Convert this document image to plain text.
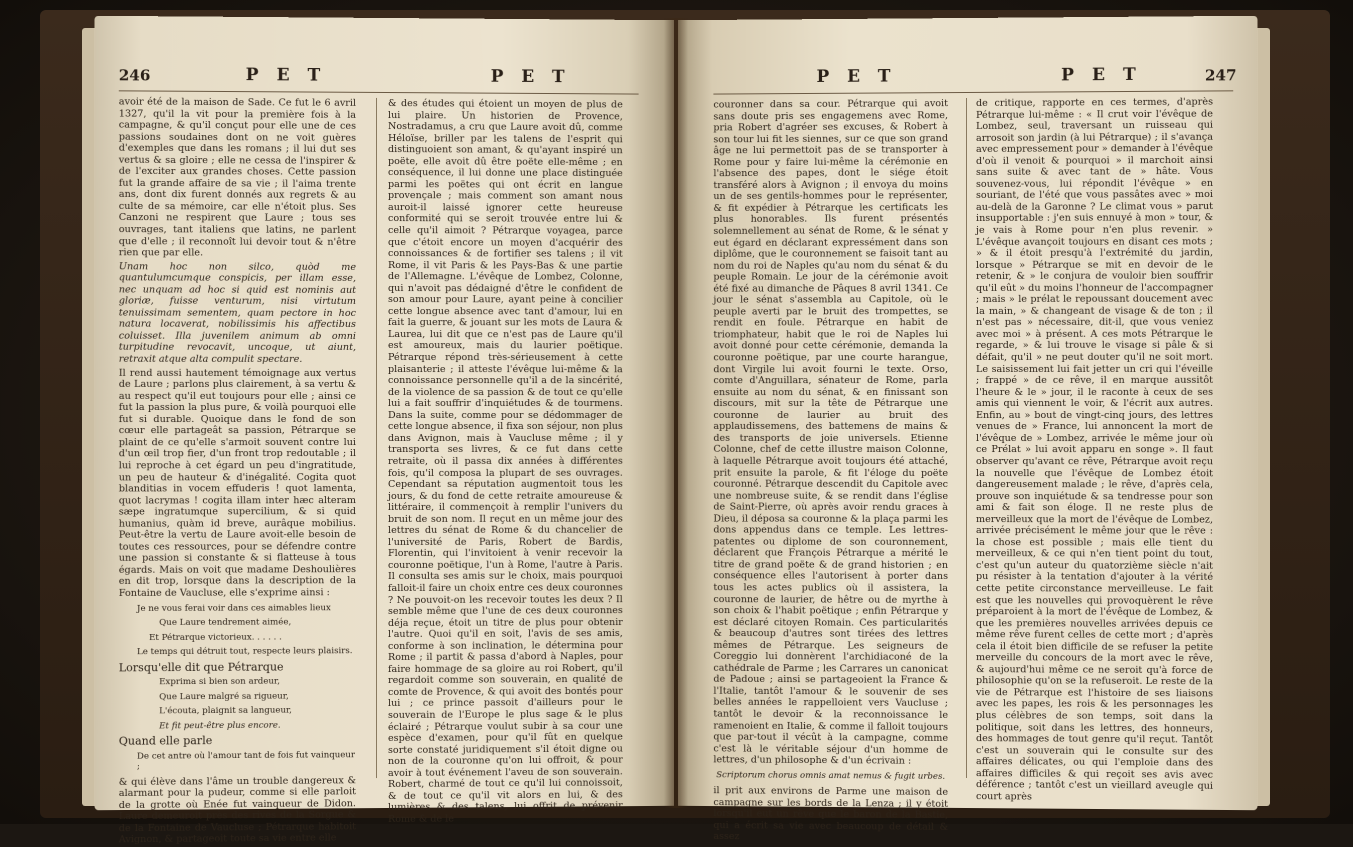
246	P E T	P E T

avoir été de la maison de Sade. Ce fut le 6 avril 1327, qu'il la vit pour la première fois à la campagne, & qu'il conçut pour elle une de ces passions soudaines dont on ne voit guères d'exemples que dans les romans ; il lui dut ses vertus & sa gloire ; elle ne cessa de l'inspirer & de l'exciter aux grandes choses. Cette passion fut la grande affaire de sa vie ; il l'aima trente ans, dont dix furent donnés aux regrets & au culte de sa mémoire, car elle n'étoit plus. Ses Canzoni ne respirent que Laure ; tous ses ouvrages, tant italiens que latins, ne parlent que d'elle ; il reconnoît lui devoir tout & n'être rien que par elle.

Unam hoc non silco, quòd me quantulumcumque conspicis, per illam esse, nec unquam ad hoc si quid est nominis aut gloriæ, fuisse venturum, nisi virtutum tenuissimam sementem, quam pectore in hoc natura locaverat, nobilissimis his affectibus coluisset. Illa juvenilem animum ab omni turpitudine revocavit, uncoque, ut aiunt, retraxit atque alta compulit spectare.

Il rend aussi hautement témoignage aux vertus de Laure ; parlons plus clairement, à sa vertu & au respect qu'il eut toujours pour elle ; ainsi ce fut la passion la plus pure, & voilà pourquoi elle fut si durable. Quoique dans le fond de son cœur elle partageât sa passion, Pétrarque se plaint de ce qu'elle s'armoit souvent contre lui d'un œil trop fier, d'un front trop redoutable ; il lui reproche à cet égard un peu d'ingratitude, un peu de hauteur & d'inégalité. Cogita quot blanditias in vocem effuderis ! quot lamenta, quot lacrymas ! cogita illam inter hæc alteram sæpe ingratumque supercilium, & si quid humanius, quàm id breve, aurâque mobilius. Peut-être la vertu de Laure avoit-elle besoin de toutes ces ressources, pour se défendre contre une passion si constante & si flatteuse à tous égards. Mais on voit que madame Deshoulières en dit trop, lorsque dans la description de la Fontaine de Vaucluse, elle s'exprime ainsi :

Je ne vous ferai voir dans ces aimables lieux
Que Laure tendrement aimée,
Et Pétrarque victorieux. . . . . .
Le temps qui détruit tout, respecte leurs plaisirs.

Lorsqu'elle dit que Pétrarque

Exprima si bien son ardeur,
Que Laure malgré sa rigueur,
L'écouta, plaignit sa langueur,
Et fit peut-être plus encore.

Quand elle parle

De cet antre où l'amour tant de fois fut vainqueur ;

& qui élève dans l'âme un trouble dangereux & alarmant pour la pudeur, comme si elle parloit de la grotte où Enée fut vainqueur de Didon. Laure demeuroit près des rives de la Sorgue & de la Fontaine de Vaucluse ; Pétrarque habitoit Avignon, & partageoit toute sa vie entre elle

& des études qui étoient un moyen de plus de lui plaire. Un historien de Provence, Nostradamus, a cru que Laure avoit dû, comme Héloïse, briller par les talens de l'esprit qui distinguoient son amant, & qu'ayant inspiré un poëte, elle avoit dû être poëte elle-même ; en conséquence, il lui donne une place distinguée parmi les poëtes qui ont écrit en langue provençale ; mais comment son amant nous auroit-il laissé ignorer cette heureuse conformité qui se seroit trouvée entre lui & celle qu'il aimoit ? Pétrarque voyagea, parce que c'étoit encore un moyen d'acquérir des connoissances & de fortifier ses talens ; il vit Rome, il vit Paris & les Pays-Bas & une partie de l'Allemagne. L'évêque de Lombez, Colonne, qui n'avoit pas dédaigné d'être le confident de son amour pour Laure, ayant peine à concilier cette longue absence avec tant d'amour, lui en fait la guerre, & jouant sur les mots de Laura & Laurea, lui dit que ce n'est pas de Laure qu'il est amoureux, mais du laurier poëtique. Pétrarque répond très-sérieusement à cette plaisanterie ; il atteste l'évêque lui-même & la connoissance personnelle qu'il a de la sincérité, de la violence de sa passion & de tout ce qu'elle lui a fait souffrir d'inquiétudes & de tourmens. Dans la suite, comme pour se dédommager de cette longue absence, il fixa son séjour, non plus dans Avignon, mais à Vaucluse même ; il y transporta ses livres, & ce fut dans cette retraite, où il passa dix années à différentes fois, qu'il composa la plupart de ses ouvrages. Cependant sa réputation augmentoit tous les jours, & du fond de cette retraite amoureuse & littéraire, il commençoit à remplir l'univers du bruit de son nom. Il reçut en un même jour des lettres du sénat de Rome & du chancelier de l'université de Paris, Robert de Bardis, Florentin, qui l'invitoient à venir recevoir la couronne poëtique, l'un à Rome, l'autre à Paris. Il consulta ses amis sur le choix, mais pourquoi falloit-il faire un choix entre ces deux couronnes ? Ne pouvoit-on les recevoir toutes les deux ? Il semble même que l'une de ces deux couronnes déja reçue, étoit un titre de plus pour obtenir l'autre. Quoi qu'il en soit, l'avis de ses amis, conforme à son inclination, le détermina pour Rome ; il partit & passa d'abord à Naples, pour faire hommage de sa gloire au roi Robert, qu'il regardoit comme son souverain, en qualité de comte de Provence, & qui avoit des bontés pour lui ; ce prince passoit d'ailleurs pour le souverain de l'Europe le plus sage & le plus éclairé ; Pétrarque voulut subir à sa cour une espèce d'examen, pour qu'il fût en quelque sorte constaté juridiquement s'il étoit digne ou non de la couronne qu'on lui offroit, & pour avoir à tout événement l'aveu de son souverain. Robert, charmé de tout ce qu'il lui connoissoit, & de tout ce qu'il vit alors en lui, & des lumières & des talens, lui offrit de prévenir Rome & de le

P E T	P E T	247

couronner dans sa cour. Pétrarque qui avoit sans doute pris ses engagemens avec Rome, pria Robert d'agréer ses excuses, & Robert à son tour lui fit les siennes, sur ce que son grand âge ne lui permettoit pas de se transporter à Rome pour y faire lui-même la cérémonie en l'absence des papes, dont le siége étoit transféré alors à Avignon ; il envoya du moins un de ses gentils-hommes pour le représenter, & fit expédier à Pétrarque les certificats les plus honorables. Ils furent présentés solemnellement au sénat de Rome, & le sénat y eut égard en déclarant expressément dans son diplôme, que le couronnement se faisoit tant au nom du roi de Naples qu'au nom du sénat & du peuple Romain. Le jour de la cérémonie avoit été fixé au dimanche de Pâques 8 avril 1341. Ce jour le sénat s'assembla au Capitole, où le peuple averti par le bruit des trompettes, se rendit en foule. Pétrarque en habit de triomphateur, habit que le roi de Naples lui avoit donné pour cette cérémonie, demanda la couronne poëtique, par une courte harangue, dont Virgile lui avoit fourni le texte. Orso, comte d'Anguillara, sénateur de Rome, parla ensuite au nom du sénat, & en finissant son discours, mit sur la tête de Pétrarque une couronne de laurier au bruit des applaudissemens, des battemens de mains & des transports de joie universels. Etienne Colonne, chef de cette illustre maison Colonne, à laquelle Pétrarque avoit toujours été attaché, prit ensuite la parole, & fit l'éloge du poëte couronné. Pétrarque descendit du Capitole avec une nombreuse suite, & se rendit dans l'église de Saint-Pierre, où après avoir rendu graces à Dieu, il déposa sa couronne & la plaça parmi les dons appendus dans ce temple. Les lettres-patentes ou diplome de son couronnement, déclarent que François Pétrarque a mérité le titre de grand poëte & de grand historien ; en conséquence elles l'autorisent à porter dans tous les actes publics où il assistera, la couronne de laurier, de hêtre ou de myrthe à son choix & l'habit poëtique ; enfin Pétrarque y est déclaré citoyen Romain. Ces particularités & beaucoup d'autres sont tirées des lettres mêmes de Pétrarque. Les seigneurs de Coreggio lui donnèrent l'archidiaconé de la cathédrale de Parme ; les Carrares un canonicat de Padoue ; ainsi se partageoient la France & l'Italie, tantôt l'amour & le souvenir de ses belles années le rappelloient vers Vaucluse ; tantôt le devoir & la reconnoissance le ramenoient en Italie, & comme il falloit toujours que par-tout il vécût à la campagne, comme c'est là le véritable séjour d'un homme de lettres, d'un philosophe & d'un écrivain :

Scriptorum chorus omnis amat nemus & fugit urbes.

il prit aux environs de Parme une maison de campagne sur les bords de la Lenza ; il y étoit lorsqu'il eut un rêve que le baron de la Bastie, qui a écrit sa vie avec beaucoup de détail & assez

de critique, rapporte en ces termes, d'après Pétrarque lui-même : « Il crut voir l'évêque de Lombez, seul, traversant un ruisseau qui arrosoit son jardin (à lui Pétrarque) ; il s'avança avec empressement pour » demander à l'évêque d'où il venoit & pourquoi » il marchoit ainsi sans suite & avec tant de » hâte. Vous souvenez-vous, lui répondit l'évêque » en souriant, de l'été que vous passâtes avec » moi au-delà de la Garonne ? Le climat vous » parut insupportable : j'en suis ennuyé à mon » tour, & je vais à Rome pour n'en plus revenir. » L'évêque avançoit toujours en disant ces mots ; » & il étoit presqu'à l'extrémité du jardin, lorsque » Pétrarque se mit en devoir de le retenir, & » le conjura de vouloir bien souffrir qu'il eût » du moins l'honneur de l'accompagner ; mais » le prélat le repoussant doucement avec la main, » & changeant de visage & de ton ; il n'est pas » nécessaire, dit-il, que vous veniez avec moi » à présent. A ces mots Pétrarque le regarde, » & lui trouve le visage si pâle & si défait, qu'il » ne peut douter qu'il ne soit mort. Le saisissement lui fait jetter un cri qui l'éveille ; frappé » de ce rêve, il en marque aussitôt l'heure & le » jour, il le raconte à ceux de ses amis qui viennent le voir, & l'écrit aux autres. Enfin, au » bout de vingt-cinq jours, des lettres venues de » France, lui annoncent la mort de l'évêque de » Lombez, arrivée le même jour où ce Prélat » lui avoit apparu en songe ». Il faut observer qu'avant ce rêve, Pétrarque avoit reçu la nouvelle que l'évêque de Lombez étoit dangereusement malade ; le rêve, d'après cela, prouve son inquiétude & sa tendresse pour son ami & fait son éloge. Il ne reste plus de merveilleux que la mort de l'évêque de Lombez, arrivée précisément le même jour que le rêve : la chose est possible ; mais elle tient du merveilleux, & ce qui n'en tient point du tout, c'est qu'un auteur du quatorzième siècle n'ait pu résister à la tentation d'ajouter à la vérité cette petite circonstance merveilleuse. Le fait est que les nouvelles qui provoquèrent le rêve préparoient à la mort de l'évêque de Lombez, & que les premières nouvelles arrivées depuis ce même rêve furent celles de cette mort ; d'après cela il étoit bien difficile de se refuser la petite merveille du concours de la mort avec le rêve, & aujourd'hui même ce ne seroit qu'à force de philosophie qu'on se la refuseroit. Le reste de la vie de Pétrarque est l'histoire de ses liaisons avec les papes, les rois & les personnages les plus célèbres de son temps, soit dans la politique, soit dans les lettres, des honneurs, des hommages de tout genre qu'il reçut. Tantôt c'est un souverain qui le consulte sur des affaires délicates, ou qui l'emploie dans des affaires difficiles & qui reçoit ses avis avec déférence ; tantôt c'est un vieillard aveugle qui court après
